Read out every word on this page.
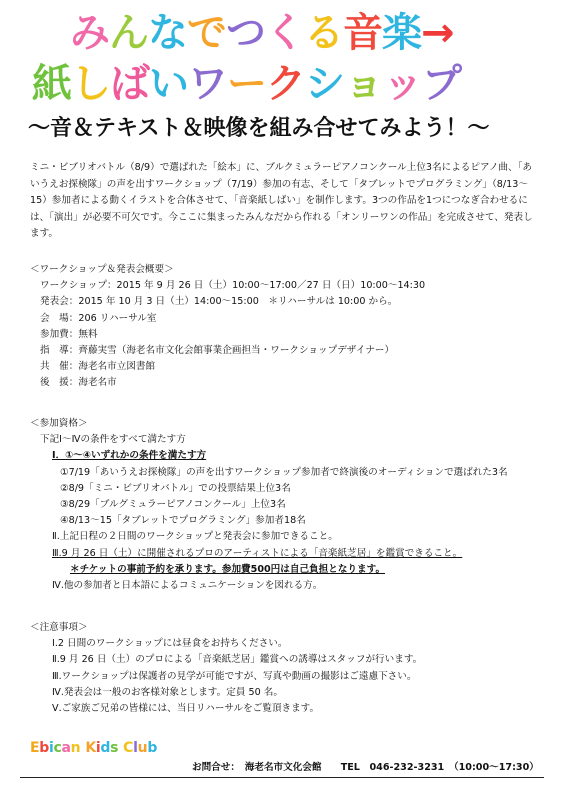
みんなでつくる音楽→
紙しばいワークショップ
～音＆テキスト＆映像を組み合せてみよう！～
ミニ・ビブリオバトル（8/9）で選ばれた「絵本」に、ブルクミュラーピアノコンクール上位3名によるピアノ曲、「あいうえお探検隊」の声を出すワークショップ（7/19）参加の有志、そして「タブレットでプログラミング」（8/13～15）参加者による動くイラストを合体させて、「音楽紙しばい」を制作します。3つの作品を1つにつなぎ合わせるには、「演出」が必要不可欠です。今ここに集まったみんなだから作れる「オンリーワンの作品」を完成させて、発表します。
＜ワークショップ＆発表会概要＞
ワークショップ：2015 年 9 月 26 日（土）10:00～17:00／27 日（日）10:00～14:30
発表会：2015 年 10 月 3 日（土）14:00～15:00　＊リハーサルは 10:00 から。
会　場：206 リハーサル室
参加費：無料
指　導：齊藤実雪（海老名市文化会館事業企画担当・ワークショップデザイナー）
共　催：海老名市立図書館
後　援：海老名市
＜参加資格＞
下記Ⅰ～Ⅳの条件をすべて満たす方
Ⅰ．①～④いずれかの条件を満たす方
①7/19「あいうえお探検隊」の声を出すワークショップ参加者で終演後のオーディションで選ばれた3名
②8/9「ミニ・ビブリオバトル」での投票結果上位3名
③8/29「ブルグミュラーピアノコンクール」上位3名
④8/13～15「タブレットでプログラミング」参加者18名
Ⅱ.上記日程の２日間のワークショップと発表会に参加できること。
Ⅲ.9 月 26 日（土）に開催されるプロのアーティストによる「音楽紙芝居」を鑑賞できること。
＊チケットの事前予約を承ります。参加費500円は自己負担となります。
Ⅳ.他の参加者と日本語によるコミュニケーションを図れる方。
＜注意事項＞
Ⅰ.2 日間のワークショップには昼食をお持ちください。
Ⅱ.9 月 26 日（土）のプロによる「音楽紙芝居」鑑賞への誘導はスタッフが行います。
Ⅲ.ワークショップは保護者の見学が可能ですが、写真や動画の撮影はご遠慮下さい。
Ⅳ.発表会は一般のお客様対象とします。定員 50 名。
Ⅴ.ご家族ご兄弟の皆様には、当日リハーサルをご覧頂きます。
Ebican Kids Club
お問合せ：　海老名市文化会館　　TEL　046-232-3231　（10:00～17:30）
